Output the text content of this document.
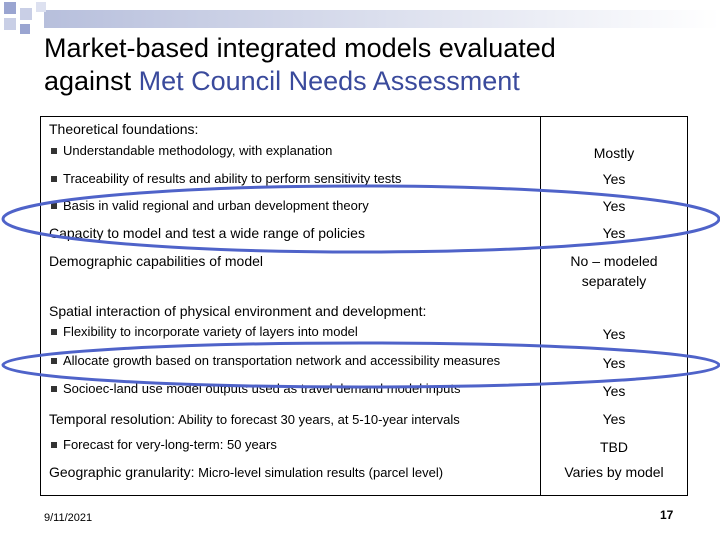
Market-based integrated models evaluated
against Met Council Needs Assessment
Theoretical foundations:
Understandable methodology, with explanation	Mostly
Traceability of results and ability to perform sensitivity tests	Yes
Basis in valid regional and urban development theory	Yes
Capacity to model and test a wide range of policies	Yes
Demographic capabilities of model	No – modeled
separately
Spatial interaction of physical environment and development:
Flexibility to incorporate variety of layers into model	Yes
Allocate growth based on transportation network and accessibility measures	Yes
Socioec-land use model outputs used as travel demand model inputs	Yes
Temporal resolution: Ability to forecast 30 years, at 5-10-year intervals	Yes
Forecast for very-long-term: 50 years	TBD
Geographic granularity: Micro-level simulation results (parcel level)	Varies by model
9/11/2021	17
